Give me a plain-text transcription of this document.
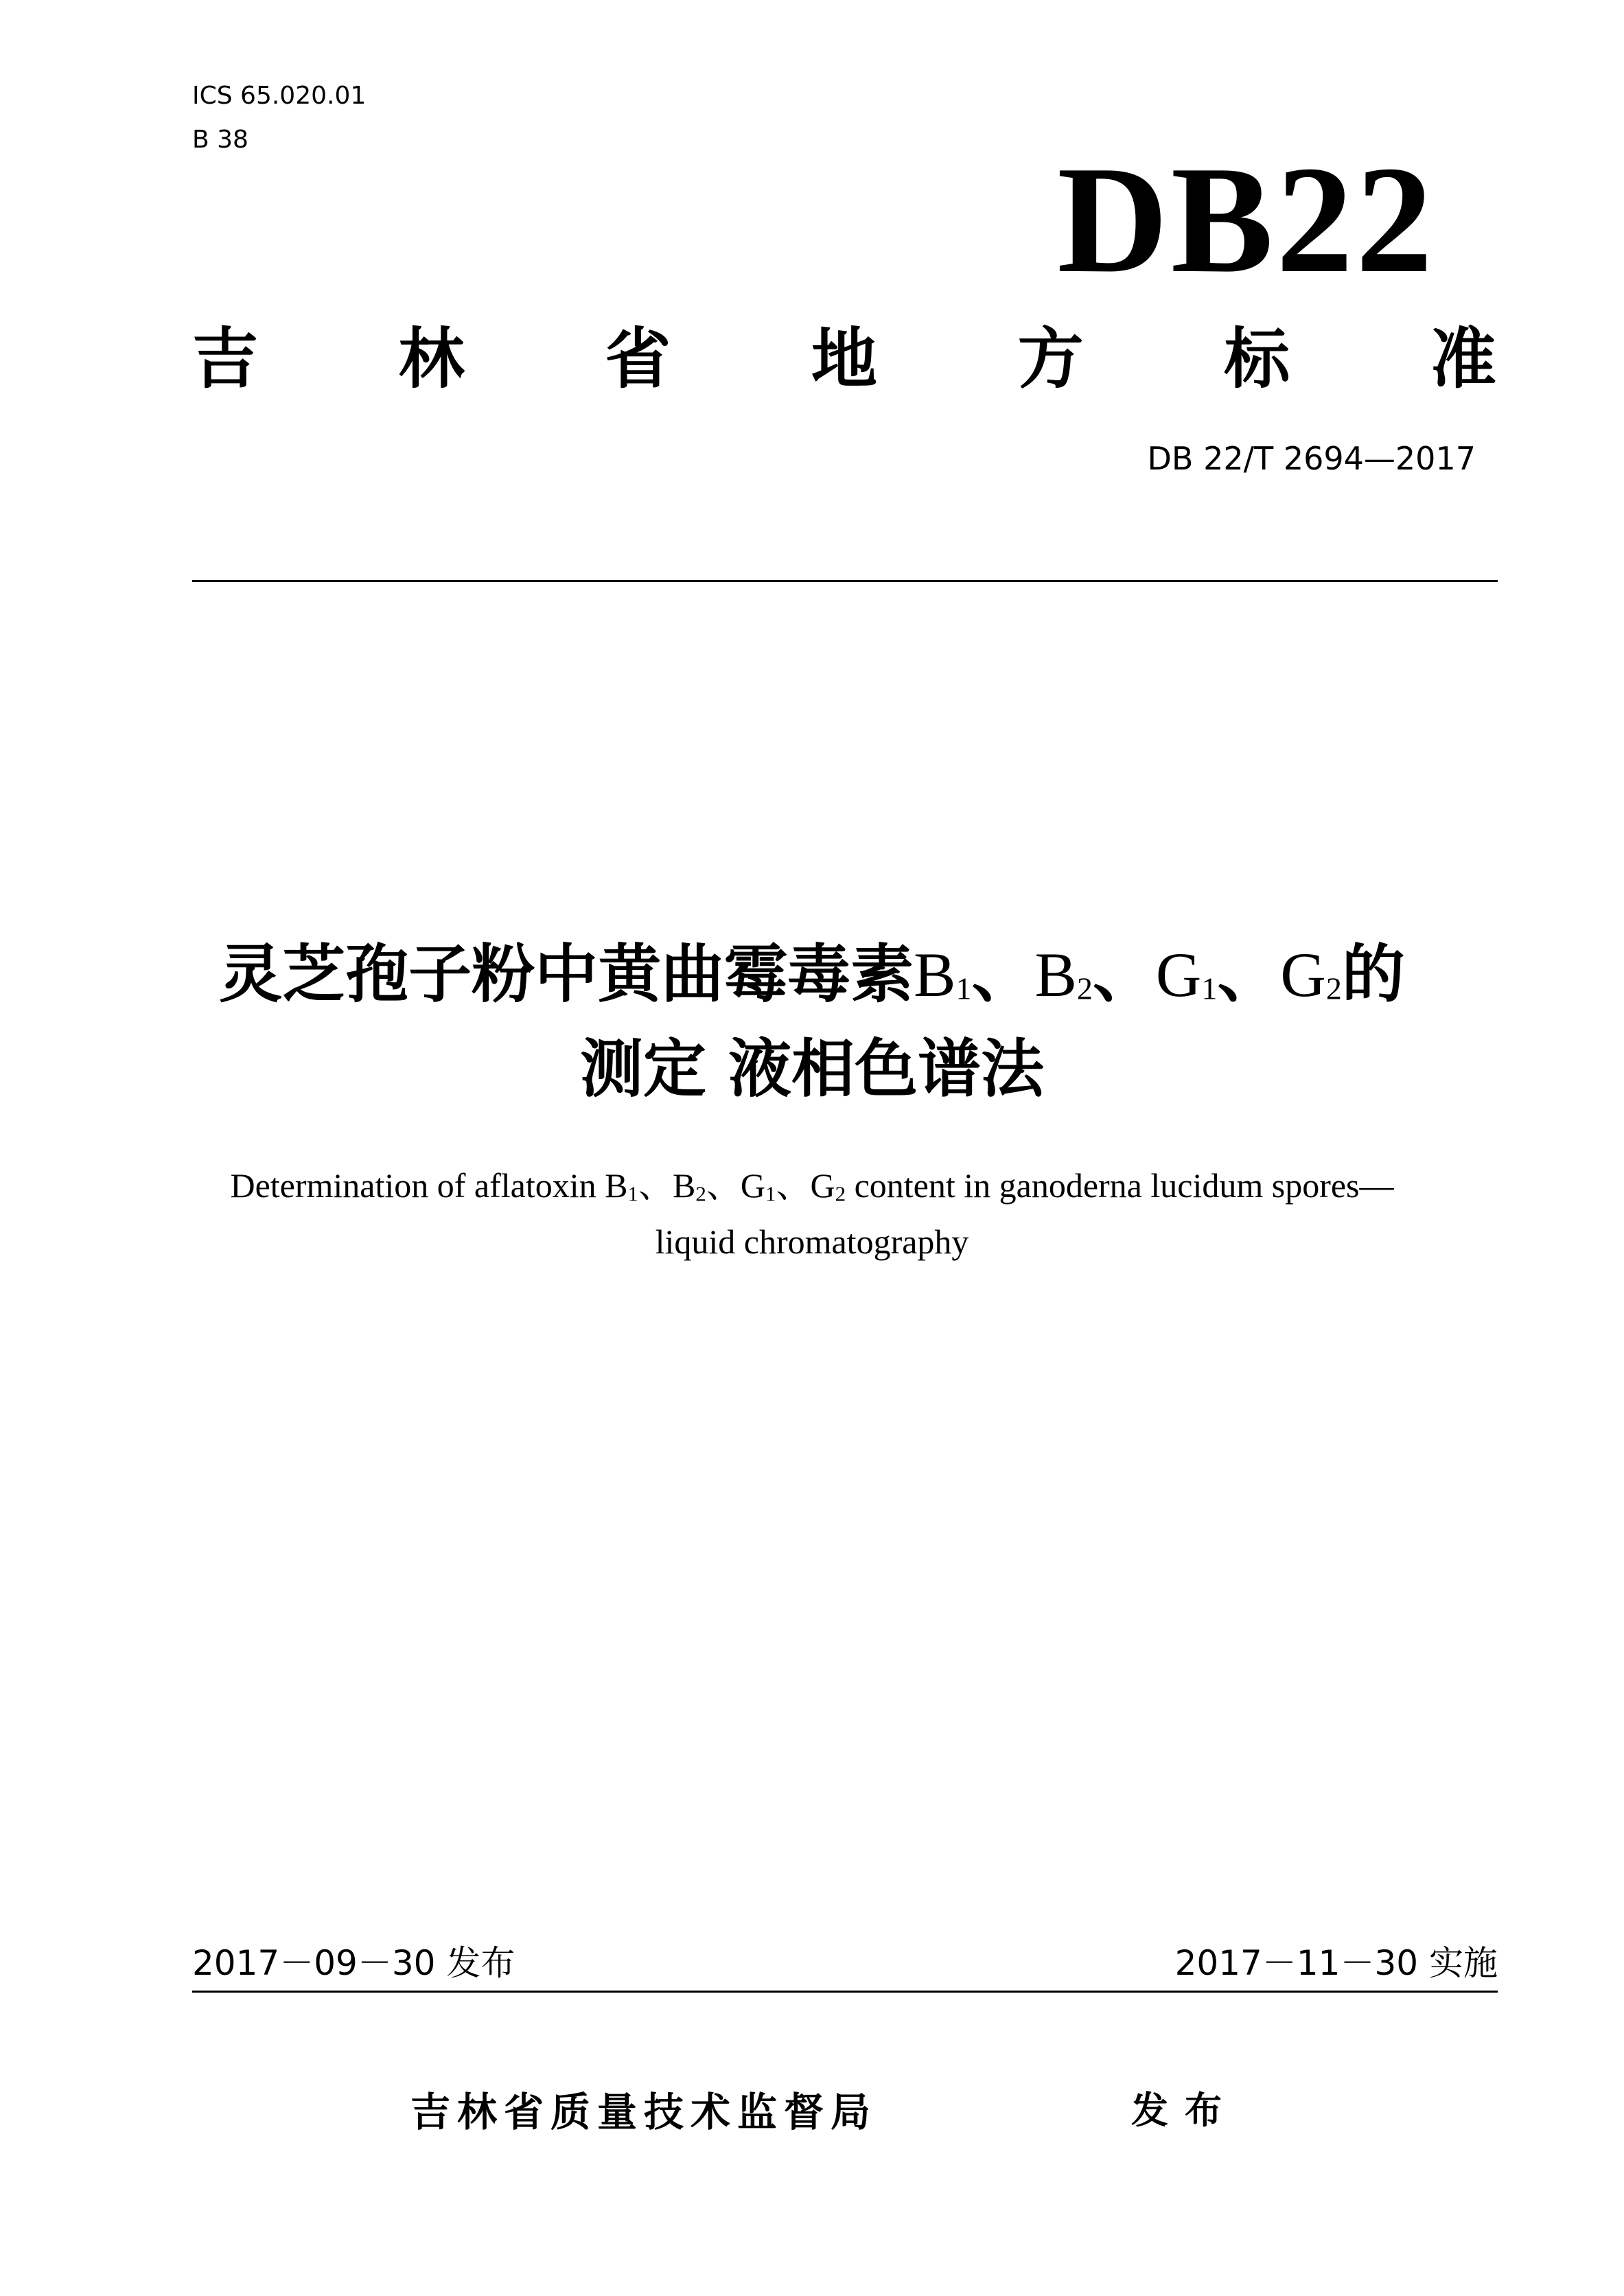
ICS 65.020.01
B 38	DB22
吉 林 省 地 方 标 准
DB 22/T 2694—2017
灵芝孢子粉中黄曲霉毒素$B_1$、$B_2$、$G_1$、$G_2$的
测定 液相色谱法
Determination of aflatoxin B1、B2、G1、G2 content in ganoderna lucidum spores—
liquid chromatography
2017－09－30 发布	2017－11－30 实施
吉林省质量技术监督局	发布
